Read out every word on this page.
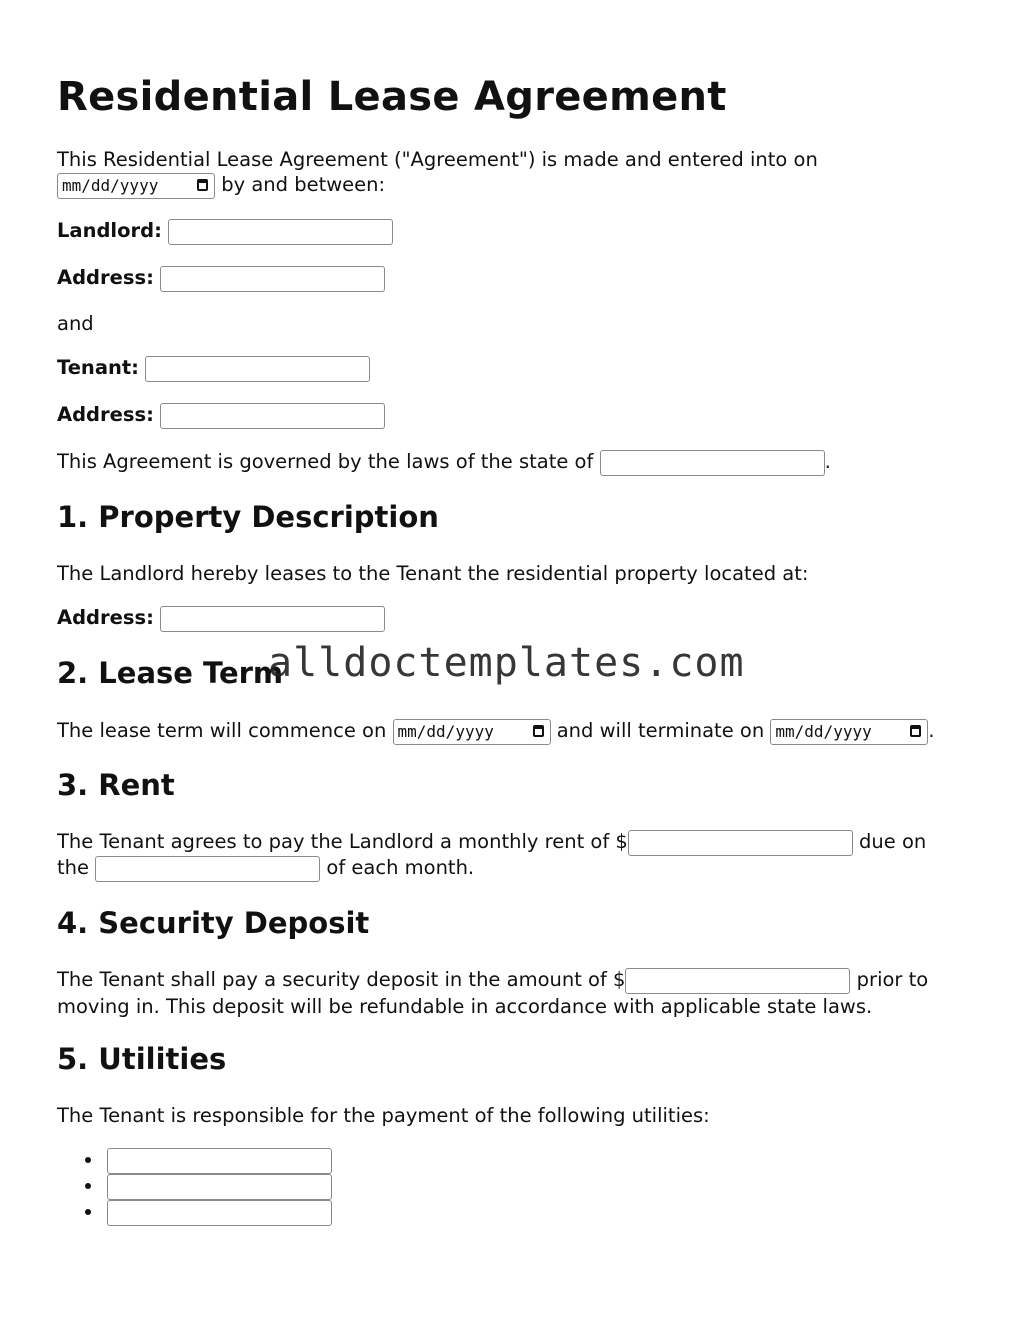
Residential Lease Agreement
This Residential Lease Agreement ("Agreement") is made and entered into on
mm/dd/yyyy	by and between:
Landlord:
Address:
and
Tenant:
Address:
This Agreement is governed by the laws of the state of	.
1. Property Description
The Landlord hereby leases to the Tenant the residential property located at:
Address:
2. Lease Term
The lease term will commence on mm/dd/yyyy	and will terminate on mm/dd/yyyy	.
3. Rent
The Tenant agrees to pay the Landlord a monthly rent of $	due on
the	of each month.
4. Security Deposit
The Tenant shall pay a security deposit in the amount of $	prior to
moving in. This deposit will be refundable in accordance with applicable state laws.
5. Utilities
The Tenant is responsible for the payment of the following utilities:
alldoctemplates.com
